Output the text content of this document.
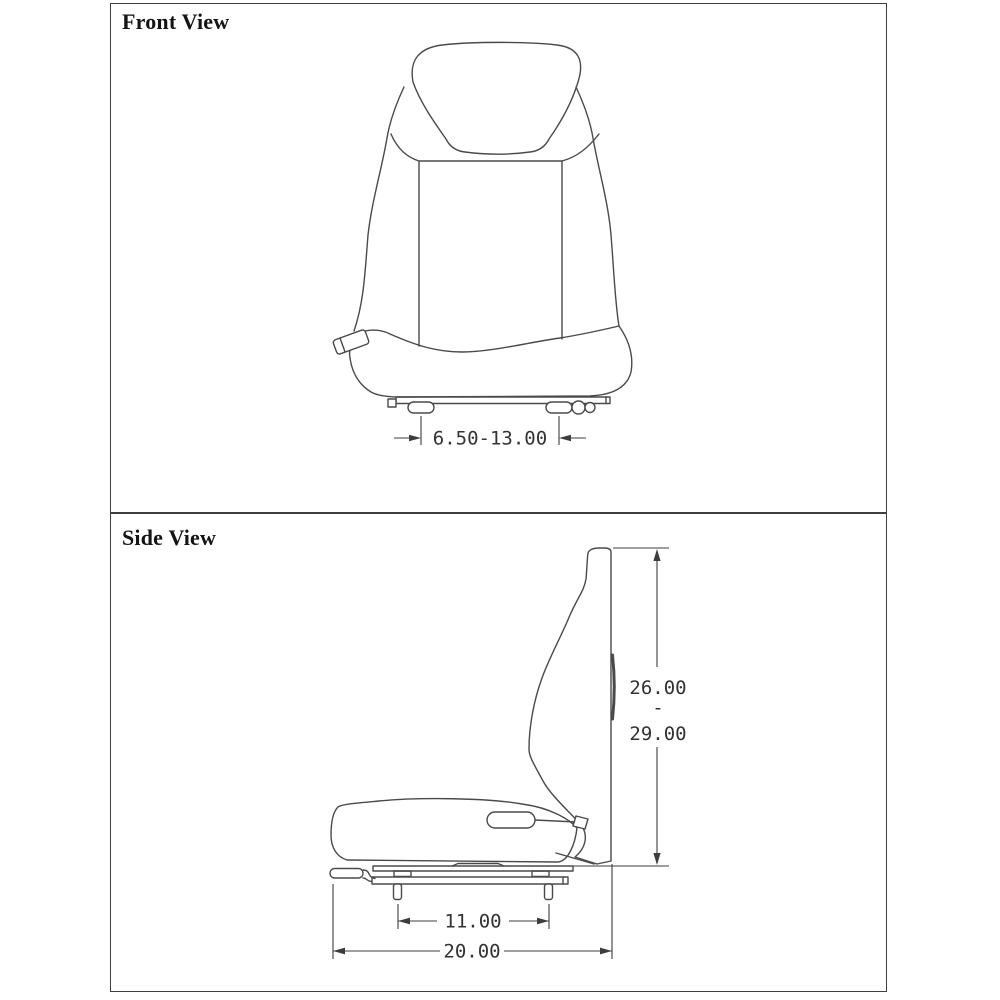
Front View
Side View
6.50-13.00
26.00
-
29.00
11.00
20.00
